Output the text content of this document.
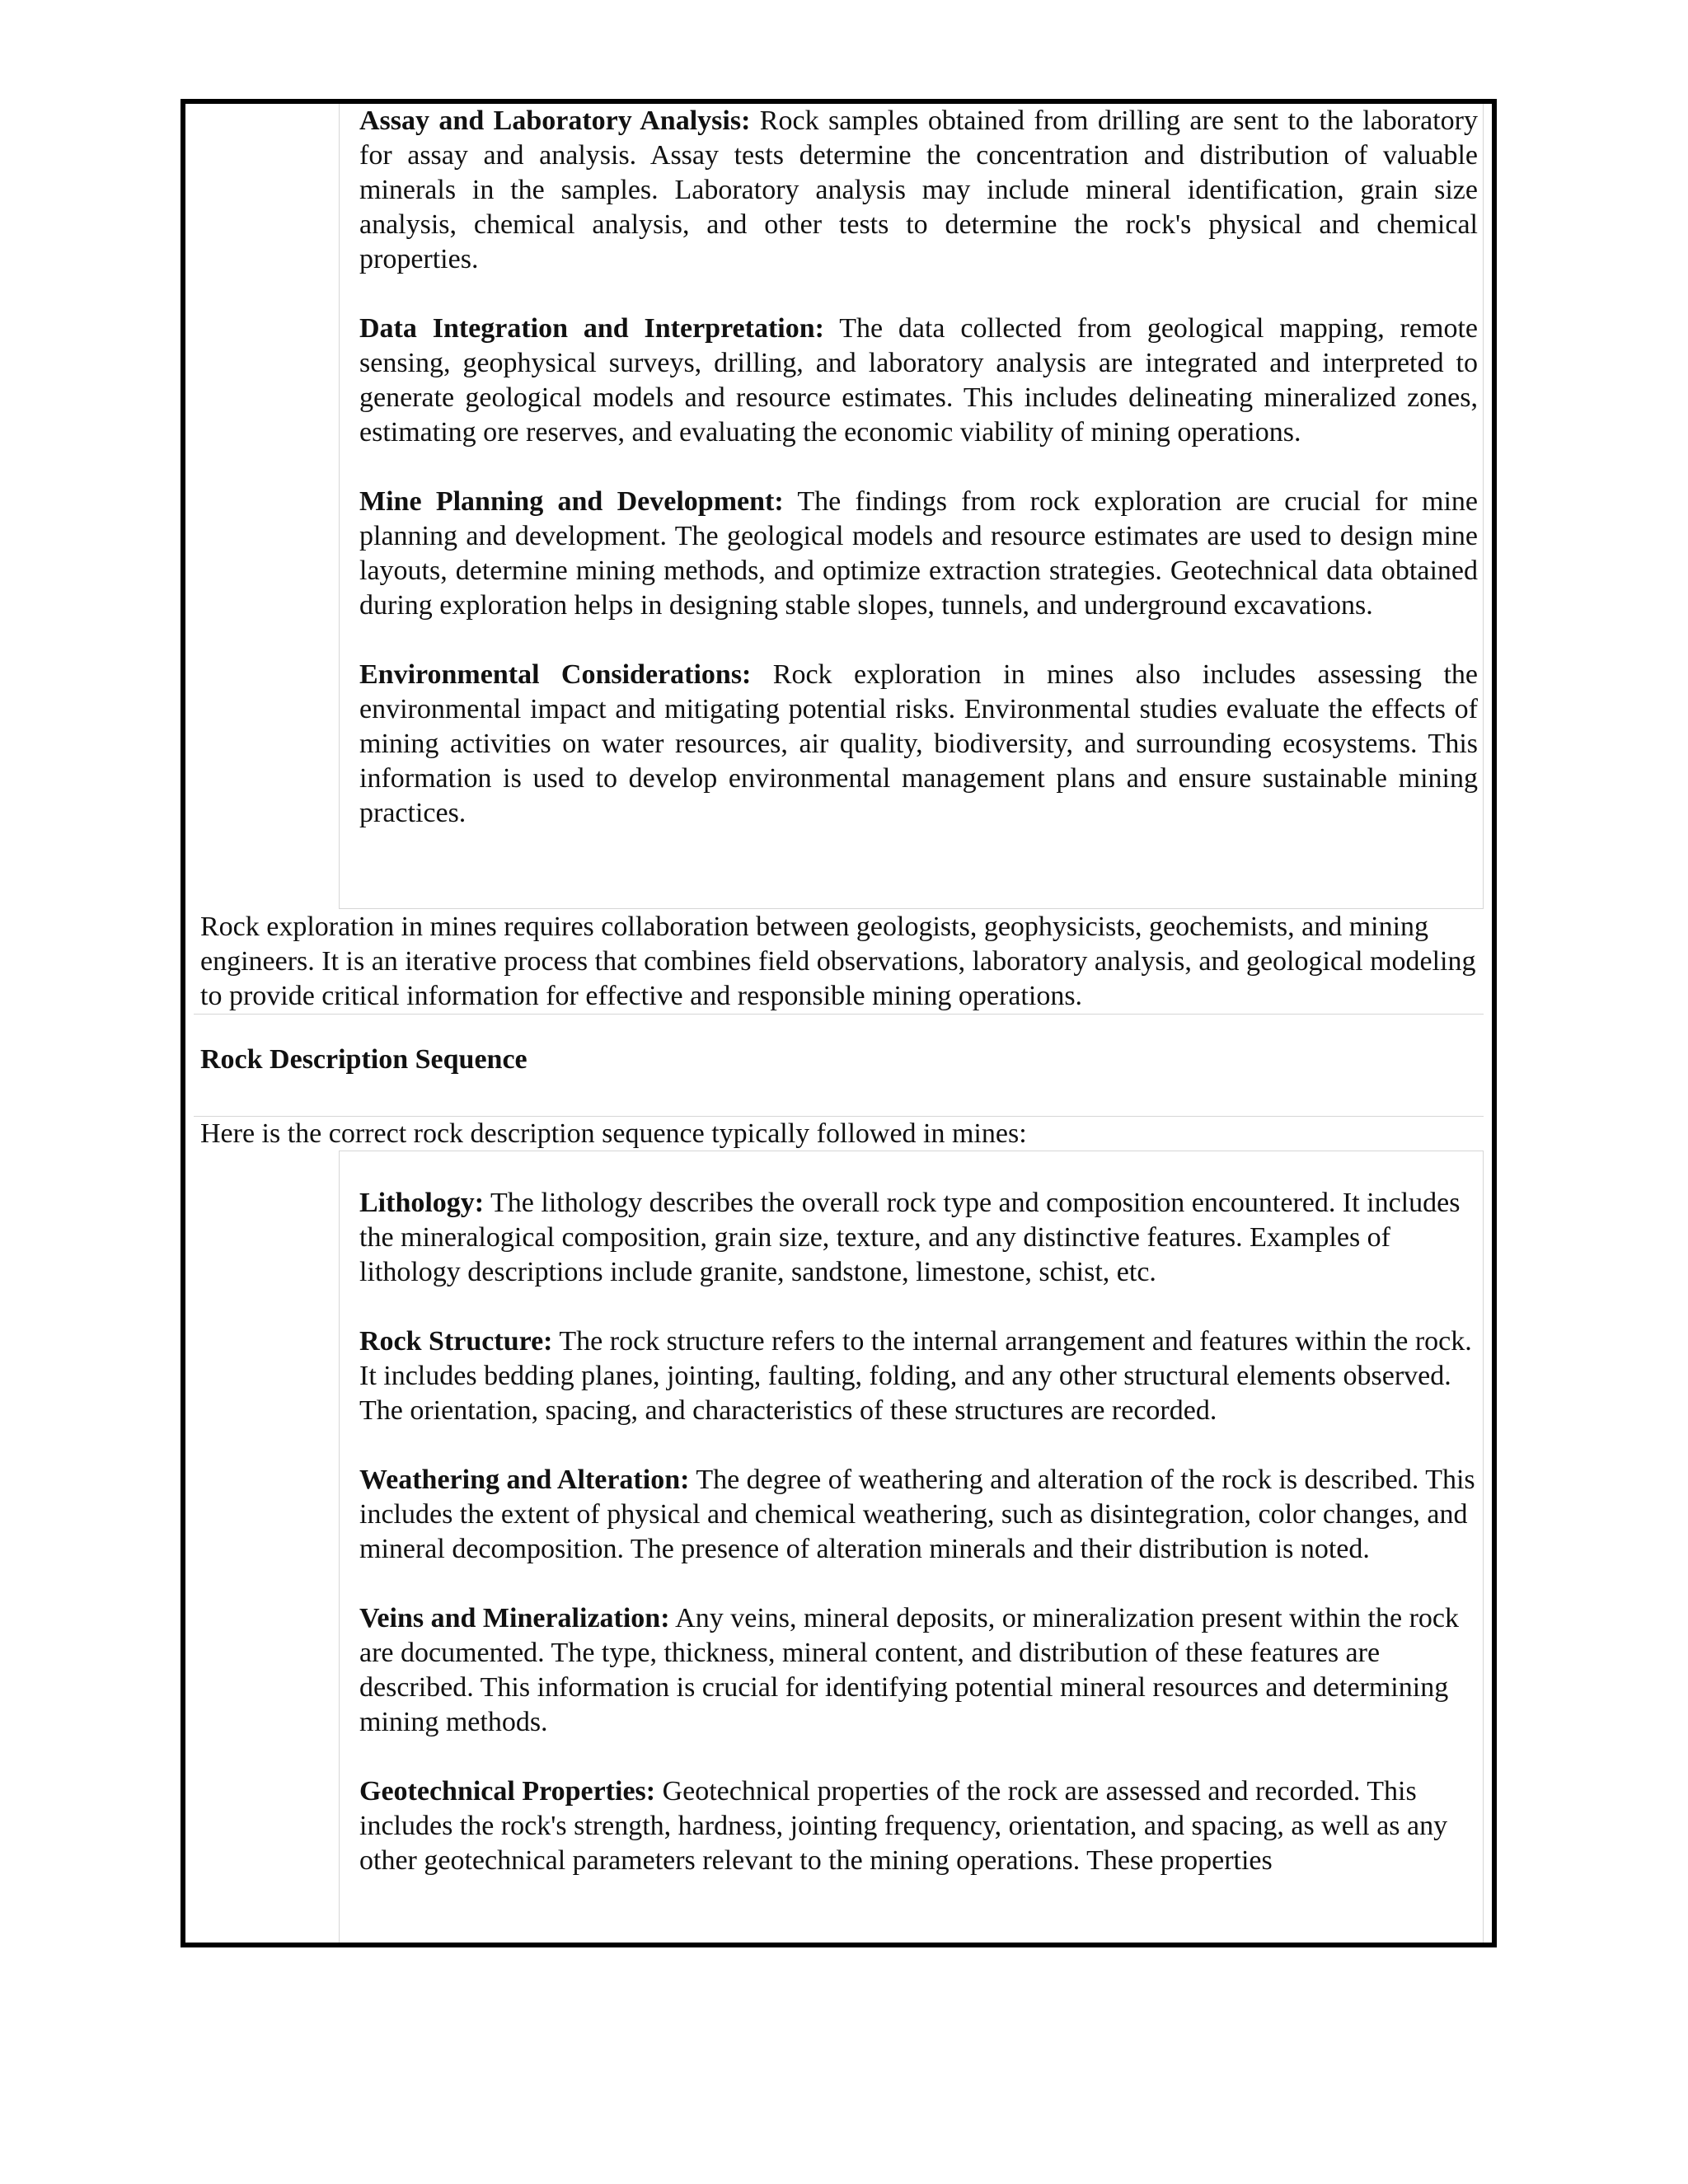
Assay and Laboratory Analysis: Rock samples obtained from drilling are sent to the laboratory for assay and analysis. Assay tests determine the concentration and distribution of valuable minerals in the samples. Laboratory analysis may include mineral identification, grain size analysis, chemical analysis, and other tests to determine the rock's physical and chemical properties.

Data Integration and Interpretation: The data collected from geological mapping, remote sensing, geophysical surveys, drilling, and laboratory analysis are integrated and interpreted to generate geological models and resource estimates. This includes delineating mineralized zones, estimating ore reserves, and evaluating the economic viability of mining operations.

Mine Planning and Development: The findings from rock exploration are crucial for mine planning and development. The geological models and resource estimates are used to design mine layouts, determine mining methods, and optimize extraction strategies. Geotechnical data obtained during exploration helps in designing stable slopes, tunnels, and underground excavations.

Environmental Considerations: Rock exploration in mines also includes assessing the environmental impact and mitigating potential risks. Environmental studies evaluate the effects of mining activities on water resources, air quality, biodiversity, and surrounding ecosystems. This information is used to develop environmental management plans and ensure sustainable mining practices.

Rock exploration in mines requires collaboration between geologists, geophysicists, geochemists, and mining engineers. It is an iterative process that combines field observations, laboratory analysis, and geological modeling to provide critical information for effective and responsible mining operations.
Rock Description Sequence
Here is the correct rock description sequence typically followed in mines:

Lithology: The lithology describes the overall rock type and composition encountered. It includes the mineralogical composition, grain size, texture, and any distinctive features. Examples of lithology descriptions include granite, sandstone, limestone, schist, etc.

Rock Structure: The rock structure refers to the internal arrangement and features within the rock. It includes bedding planes, jointing, faulting, folding, and any other structural elements observed. The orientation, spacing, and characteristics of these structures are recorded.

Weathering and Alteration: The degree of weathering and alteration of the rock is described. This includes the extent of physical and chemical weathering, such as disintegration, color changes, and mineral decomposition. The presence of alteration minerals and their distribution is noted.

Veins and Mineralization: Any veins, mineral deposits, or mineralization present within the rock are documented. The type, thickness, mineral content, and distribution of these features are described. This information is crucial for identifying potential mineral resources and determining mining methods.

Geotechnical Properties: Geotechnical properties of the rock are assessed and recorded. This includes the rock's strength, hardness, jointing frequency, orientation, and spacing, as well as any other geotechnical parameters relevant to the mining operations. These properties
